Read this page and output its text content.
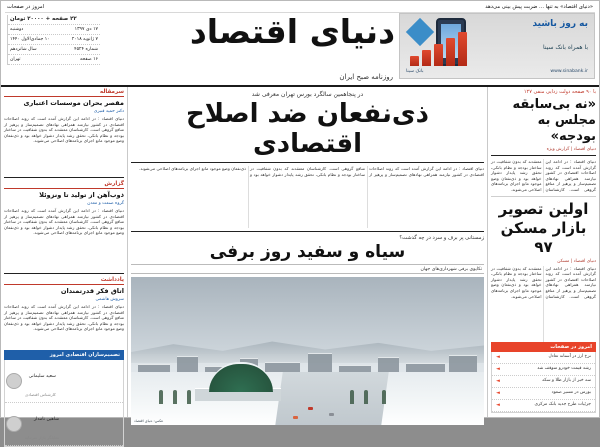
امروز در صفحات	«دنیای اقتصاد» به تنها ... ضربت پیش بینی می‌دهد
به روز باشید
با همراه بانک سینا
www.sinabank.ir
بانک سینا
۲۲ صفحه + ۲۰۰۰۰ تومان
دوشنبه	۱۷ دی ۱۳۹۷
۱۰ جمادی‌الاول ۱۴۴۰	۷ ژانویه ۲۰۱۸
سال شانزدهم	شماره ۴۵۲۴
تهران	۱۶ صفحه
دنیای اقتصاد
روزنامه صبح ایران
با ۹۰ صفحه دولت زدایی منفی ۱۲۷
«نه بی‌سابقه مجلس به بودجه»
دنیای اقتصاد | گزارش ویژه
دنیای اقتصاد : در ادامه این گزارش آمده است که روند اصلاحات اقتصادی در کشور نیازمند همراهی نهادهای تصمیم‌ساز و پرهیز از منافع گروهی است. کارشناسان معتقدند که بدون شفافیت در ساختار بودجه و نظام بانکی، تحقق رشد پایدار دشوار خواهد بود و ذی‌نفعان وضع موجود مانع اجرای برنامه‌های اصلاحی می‌شوند.
اولین تصویر بازار مسکن ۹۷
دنیای اقتصاد | مسکن
دنیای اقتصاد : در ادامه این گزارش آمده است که روند اصلاحات اقتصادی در کشور نیازمند همراهی نهادهای تصمیم‌ساز و پرهیز از منافع گروهی است. کارشناسان معتقدند که بدون شفافیت در ساختار بودجه و نظام بانکی، تحقق رشد پایدار دشوار خواهد بود و ذی‌نفعان وضع موجود مانع اجرای برنامه‌های اصلاحی می‌شوند.
امروز در صفحات
◄	نرخ ارز در آستانه تعادل
◄	رشد قیمت خودرو متوقف شد
◄	سه خبر از بازار طلا و سکه
◄	بورس در مسیر صعود
◄	جزئیات طرح جدید بانک مرکزی
در پنجاهمین سالگرد بورس تهران معرفی شد
ذی‌نفعان ضد اصلاح اقتصادی
دنیای اقتصاد : در ادامه این گزارش آمده است که روند اصلاحات اقتصادی در کشور نیازمند همراهی نهادهای تصمیم‌ساز و پرهیز از منافع گروهی است. کارشناسان معتقدند که بدون شفافیت در ساختار بودجه و نظام بانکی، تحقق رشد پایدار دشوار خواهد بود و ذی‌نفعان وضع موجود مانع اجرای برنامه‌های اصلاحی می‌شوند.
زمستانی پر برف و سرد در چه گذشت؟
سیاه و سفید روز برفی
تکاپوی برفی شهرداری‌های جهان
عکس: دنیای اقتصاد
سرمقاله
مقصر بحران موسسات اعتباری
دکتر حمید قنبری
دنیای اقتصاد : در ادامه این گزارش آمده است که روند اصلاحات اقتصادی در کشور نیازمند همراهی نهادهای تصمیم‌ساز و پرهیز از منافع گروهی است. کارشناسان معتقدند که بدون شفافیت در ساختار بودجه و نظام بانکی، تحقق رشد پایدار دشوار خواهد بود و ذی‌نفعان وضع موجود مانع اجرای برنامه‌های اصلاحی می‌شوند.
گزارش
ذوب‌آهن از تولید تا ونزوئلا
گروه صنعت و معدن
دنیای اقتصاد : در ادامه این گزارش آمده است که روند اصلاحات اقتصادی در کشور نیازمند همراهی نهادهای تصمیم‌ساز و پرهیز از منافع گروهی است. کارشناسان معتقدند که بدون شفافیت در ساختار بودجه و نظام بانکی، تحقق رشد پایدار دشوار خواهد بود و ذی‌نفعان وضع موجود مانع اجرای برنامه‌های اصلاحی می‌شوند.
یادداشت
اتاق فکر قدرتمندان
سروش هاشمی
دنیای اقتصاد : در ادامه این گزارش آمده است که روند اصلاحات اقتصادی در کشور نیازمند همراهی نهادهای تصمیم‌ساز و پرهیز از منافع گروهی است. کارشناسان معتقدند که بدون شفافیت در ساختار بودجه و نظام بانکی، تحقق رشد پایدار دشوار خواهد بود و ذی‌نفعان وضع موجود مانع اجرای برنامه‌های اصلاحی می‌شوند.
تصمیم‌سازان اقتصادی امروز
سعید سلیمانی
کارشناس اقتصادی
شاهین نامدار
تحلیلگر بازار سرمایه
